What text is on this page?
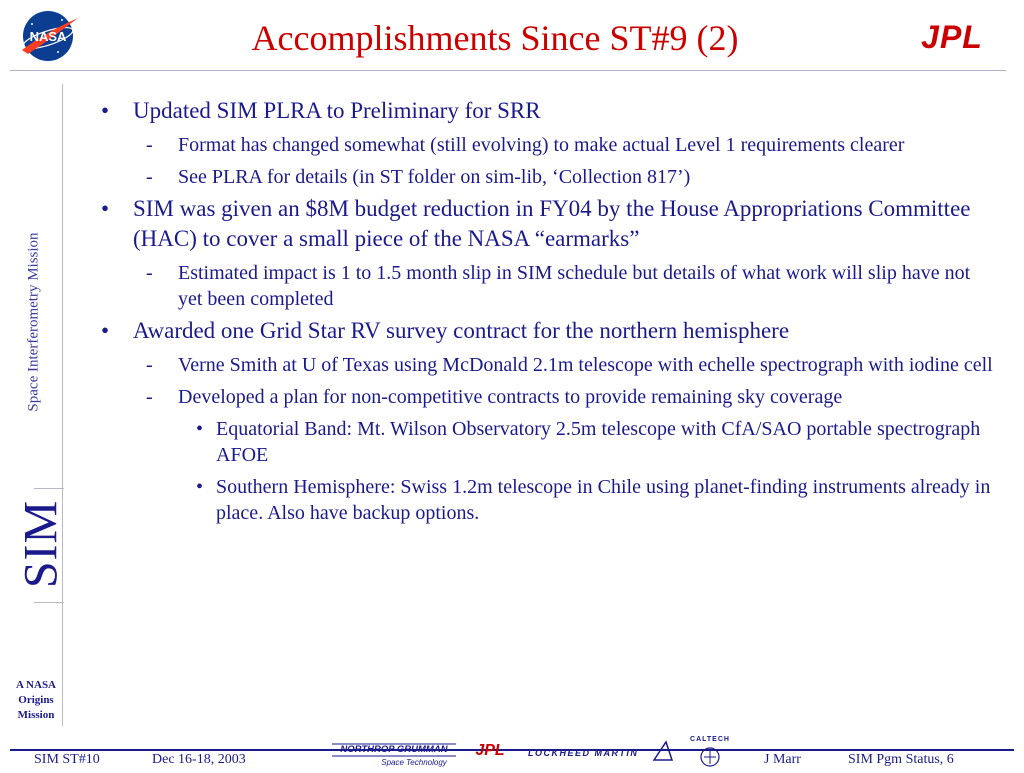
NASA	Accomplishments Since ST#9 (2)	JPL
Space Interferometry Mission
SIM
A NASA
Origins
Mission
• Updated SIM PLRA to Preliminary for SRR
- Format has changed somewhat (still evolving) to make actual Level 1 requirements clearer
- See PLRA for details (in ST folder on sim-lib, ‘Collection 817’)
• SIM was given an $8M budget reduction in FY04 by the House Appropriations Committee (HAC) to cover a small piece of the NASA “earmarks”
- Estimated impact is 1 to 1.5 month slip in SIM schedule but details of what work will slip have not yet been completed
• Awarded one Grid Star RV survey contract for the northern hemisphere
- Verne Smith at U of Texas using McDonald 2.1m telescope with echelle spectrograph with iodine cell
- Developed a plan for non-competitive contracts to provide remaining sky coverage
• Equatorial Band: Mt. Wilson Observatory 2.5m telescope with CfA/SAO portable spectrograph AFOE
• Southern Hemisphere: Swiss 1.2m telescope in Chile using planet-finding instruments already in place. Also have backup options.
SIM ST#10	Dec 16-18, 2003
NORTHROP GRUMMAN
Space Technology
JPL	LOCKHEED MARTIN
CALTECH
J Marr	SIM Pgm Status, 6
